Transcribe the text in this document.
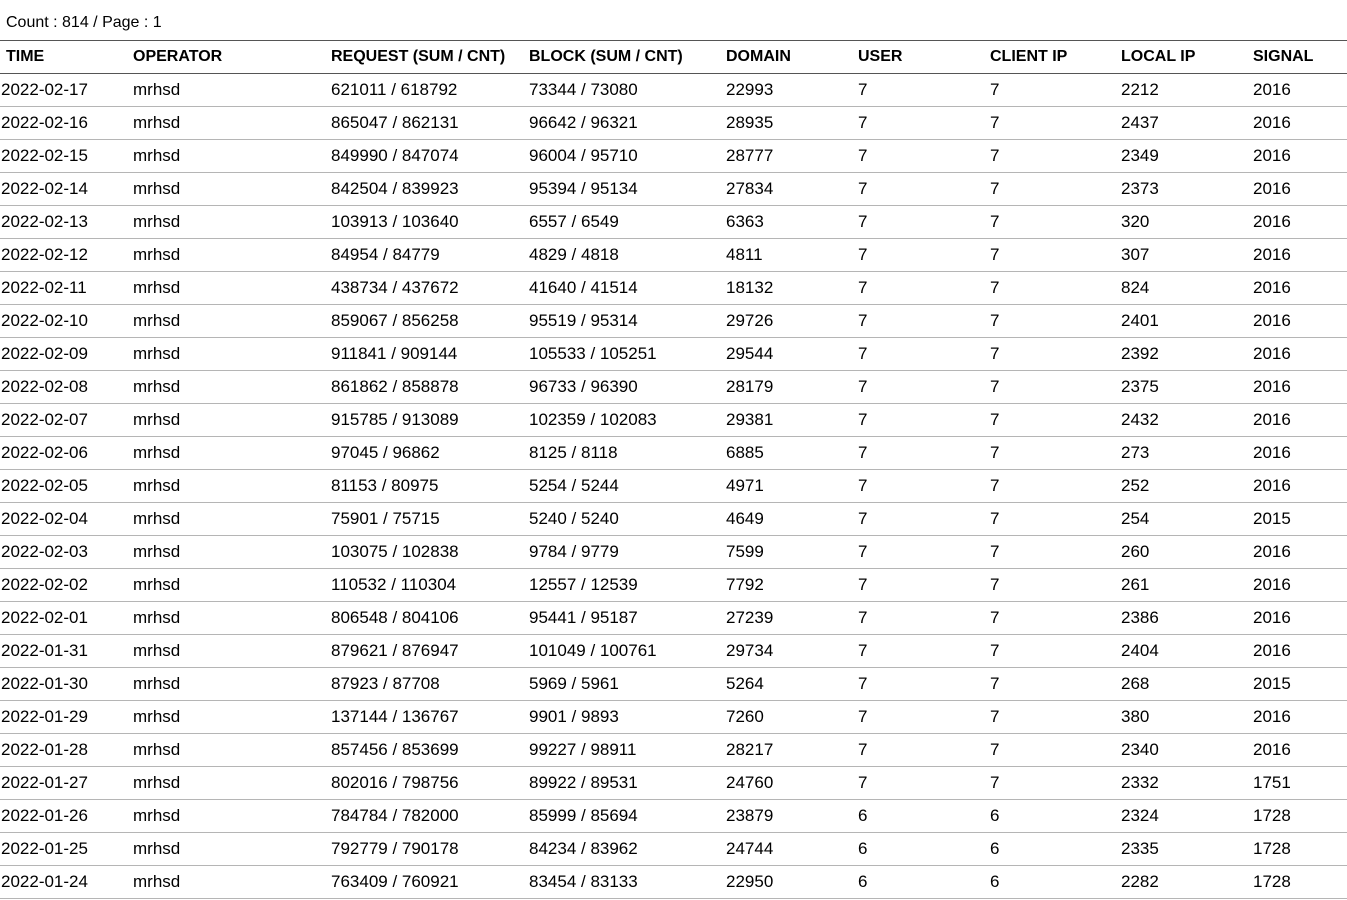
Count : 814 / Page : 1
TIME	OPERATOR	REQUEST (SUM / CNT)	BLOCK (SUM / CNT)	DOMAIN	USER	CLIENT IP	LOCAL IP	SIGNAL
2022-02-17	mrhsd	621011 / 618792	73344 / 73080	22993	7	7	2212	2016
2022-02-16	mrhsd	865047 / 862131	96642 / 96321	28935	7	7	2437	2016
2022-02-15	mrhsd	849990 / 847074	96004 / 95710	28777	7	7	2349	2016
2022-02-14	mrhsd	842504 / 839923	95394 / 95134	27834	7	7	2373	2016
2022-02-13	mrhsd	103913 / 103640	6557 / 6549	6363	7	7	320	2016
2022-02-12	mrhsd	84954 / 84779	4829 / 4818	4811	7	7	307	2016
2022-02-11	mrhsd	438734 / 437672	41640 / 41514	18132	7	7	824	2016
2022-02-10	mrhsd	859067 / 856258	95519 / 95314	29726	7	7	2401	2016
2022-02-09	mrhsd	911841 / 909144	105533 / 105251	29544	7	7	2392	2016
2022-02-08	mrhsd	861862 / 858878	96733 / 96390	28179	7	7	2375	2016
2022-02-07	mrhsd	915785 / 913089	102359 / 102083	29381	7	7	2432	2016
2022-02-06	mrhsd	97045 / 96862	8125 / 8118	6885	7	7	273	2016
2022-02-05	mrhsd	81153 / 80975	5254 / 5244	4971	7	7	252	2016
2022-02-04	mrhsd	75901 / 75715	5240 / 5240	4649	7	7	254	2015
2022-02-03	mrhsd	103075 / 102838	9784 / 9779	7599	7	7	260	2016
2022-02-02	mrhsd	110532 / 110304	12557 / 12539	7792	7	7	261	2016
2022-02-01	mrhsd	806548 / 804106	95441 / 95187	27239	7	7	2386	2016
2022-01-31	mrhsd	879621 / 876947	101049 / 100761	29734	7	7	2404	2016
2022-01-30	mrhsd	87923 / 87708	5969 / 5961	5264	7	7	268	2015
2022-01-29	mrhsd	137144 / 136767	9901 / 9893	7260	7	7	380	2016
2022-01-28	mrhsd	857456 / 853699	99227 / 98911	28217	7	7	2340	2016
2022-01-27	mrhsd	802016 / 798756	89922 / 89531	24760	7	7	2332	1751
2022-01-26	mrhsd	784784 / 782000	85999 / 85694	23879	6	6	2324	1728
2022-01-25	mrhsd	792779 / 790178	84234 / 83962	24744	6	6	2335	1728
2022-01-24	mrhsd	763409 / 760921	83454 / 83133	22950	6	6	2282	1728
